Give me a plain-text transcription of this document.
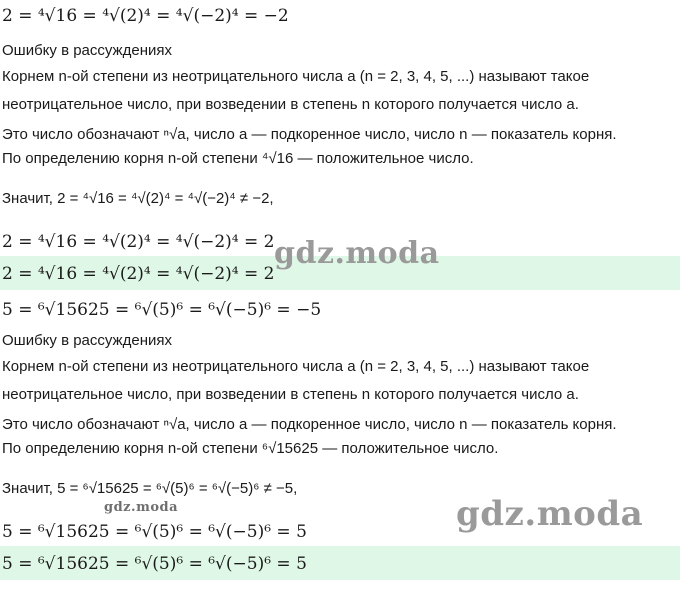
2 = ⁴√16 = ⁴√(2)⁴ = ⁴√(−2)⁴ = −2
Ошибку в рассуждениях
Корнем n-ой степени из неотрицательного числа a (n = 2, 3, 4, 5, ...) называют такое
неотрицательное число, при возведении в степень n которого получается число a.
Это число обозначают ⁿ√a, число a — подкоренное число, число n — показатель корня.
По определению корня n-ой степени ⁴√16 — положительное число.
Значит, 2 = ⁴√16 = ⁴√(2)⁴ = ⁴√(−2)⁴ ≠ −2,
2 = ⁴√16 = ⁴√(2)⁴ = ⁴√(−2)⁴ = 2
2 = ⁴√16 = ⁴√(2)⁴ = ⁴√(−2)⁴ = 2
5 = ⁶√15625 = ⁶√(5)⁶ = ⁶√(−5)⁶ = −5
Ошибку в рассуждениях
Корнем n-ой степени из неотрицательного числа a (n = 2, 3, 4, 5, ...) называют такое
неотрицательное число, при возведении в степень n которого получается число a.
Это число обозначают ⁿ√a, число a — подкоренное число, число n — показатель корня.
По определению корня n-ой степени ⁶√15625 — положительное число.
Значит, 5 = ⁶√15625 = ⁶√(5)⁶ = ⁶√(−5)⁶ ≠ −5,
5 = ⁶√15625 = ⁶√(5)⁶ = ⁶√(−5)⁶ = 5
5 = ⁶√15625 = ⁶√(5)⁶ = ⁶√(−5)⁶ = 5
gdz.moda
gdz.moda
gdz.moda
